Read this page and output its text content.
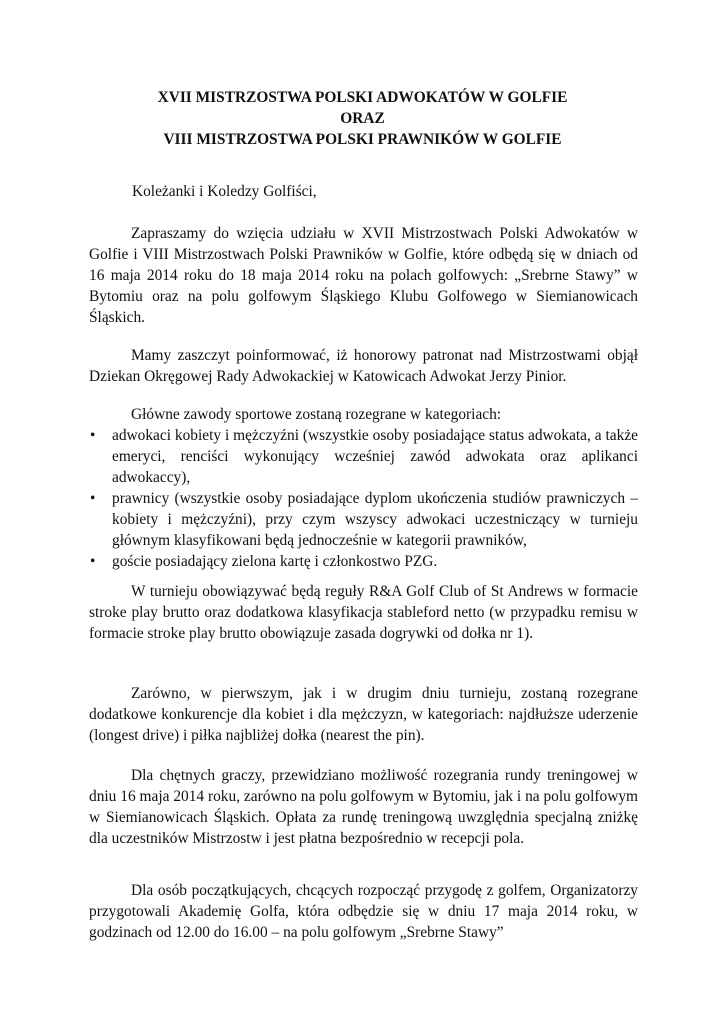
XVII MISTRZOSTWA POLSKI ADWOKATÓW W GOLFIE
ORAZ
VIII MISTRZOSTWA POLSKI PRAWNIKÓW W GOLFIE
Koleżanki i Koledzy Golfiści,

Zapraszamy do wzięcia udziału w XVII Mistrzostwach Polski Adwokatów w Golfie i VIII Mistrzostwach Polski Prawników w Golfie, które odbędą się w dniach od 16 maja 2014 roku do 18 maja 2014 roku na polach golfowych: „Srebrne Stawy” w Bytomiu oraz na polu golfowym Śląskiego Klubu Golfowego w Siemianowicach Śląskich.

Mamy zaszczyt poinformować, iż honorowy patronat nad Mistrzostwami objął Dziekan Okręgowej Rady Adwokackiej w Katowicach Adwokat Jerzy Pinior.

Główne zawody sportowe zostaną rozegrane w kategoriach:

• adwokaci kobiety i mężczyźni (wszystkie osoby posiadające status adwokata, a także emeryci, renciści wykonujący wcześniej zawód adwokata oraz aplikanci adwokaccy),
• prawnicy (wszystkie osoby posiadające dyplom ukończenia studiów prawniczych – kobiety i mężczyźni), przy czym wszyscy adwokaci uczestniczący w turnieju głównym klasyfikowani będą jednocześnie w kategorii prawników,
• goście posiadający zielona kartę i członkostwo PZG.

W turnieju obowiązywać będą reguły R&A Golf Club of St Andrews w formacie stroke play brutto oraz dodatkowa klasyfikacja stableford netto (w przypadku remisu w formacie stroke play brutto obowiązuje zasada dogrywki od dołka nr 1).

Zarówno, w pierwszym, jak i w drugim dniu turnieju, zostaną rozegrane dodatkowe konkurencje dla kobiet i dla mężczyzn, w kategoriach: najdłuższe uderzenie (longest drive) i piłka najbliżej dołka (nearest the pin).

Dla chętnych graczy, przewidziano możliwość rozegrania rundy treningowej w dniu 16 maja 2014 roku, zarówno na polu golfowym w Bytomiu, jak i na polu golfowym w Siemianowicach Śląskich. Opłata za rundę treningową uwzględnia specjalną zniżkę dla uczestników Mistrzostw i jest płatna bezpośrednio w recepcji pola.

Dla osób początkujących, chcących rozpocząć przygodę z golfem, Organizatorzy przygotowali Akademię Golfa, która odbędzie się w dniu 17 maja 2014 roku, w godzinach od 12.00 do 16.00 – na polu golfowym „Srebrne Stawy”
